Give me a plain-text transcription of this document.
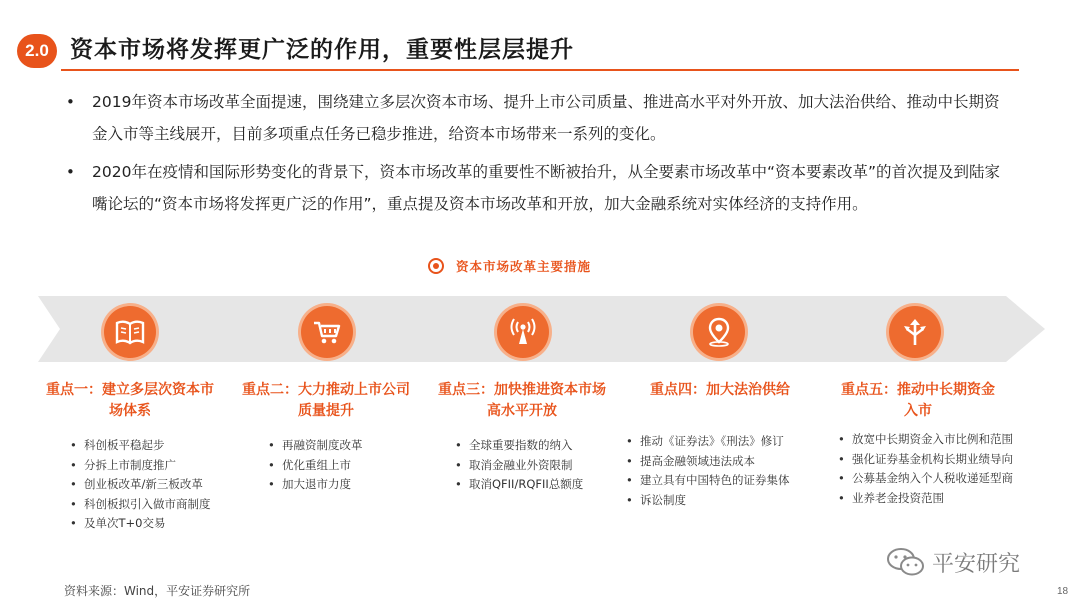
2.0 资本市场将发挥更广泛的作用，重要性层层提升
• 2019年资本市场改革全面提速，围绕建立多层次资本市场、提升上市公司质量、推进高水平对外开放、加大法治供给、推动中长期资金入市等主线展开，目前多项重点任务已稳步推进，给资本市场带来一系列的变化。
• 2020年在疫情和国际形势变化的背景下，资本市场改革的重要性不断被抬升，从全要素市场改革中“资本要素改革”的首次提及到陆家嘴论坛的“资本市场将发挥更广泛的作用”，重点提及资本市场改革和开放，加大金融系统对实体经济的支持作用。
资本市场改革主要措施
重点一：建立多层次资本市场体系
重点二：大力推动上市公司质量提升
重点三：加快推进资本市场高水平开放
重点四：加大法治供给	重点五：推动中长期资金入市
• 科创板平稳起步
• 分拆上市制度推广
• 创业板改革/新三板改革
• 科创板拟引入做市商制度
• 及单次T+0交易
• 再融资制度改革
• 优化重组上市
• 加大退市力度
• 全球重要指数的纳入
• 取消金融业外资限制
• 取消QFII/RQFII总额度
• 推动《证券法》《刑法》修订
• 提高金融领域违法成本
• 建立具有中国特色的证券集体
• 诉讼制度
• 放宽中长期资金入市比例和范围
• 强化证券基金机构长期业绩导向
• 公募基金纳入个人税收递延型商
• 业养老金投资范围
资料来源：Wind，平安证券研究所
平安研究
18
